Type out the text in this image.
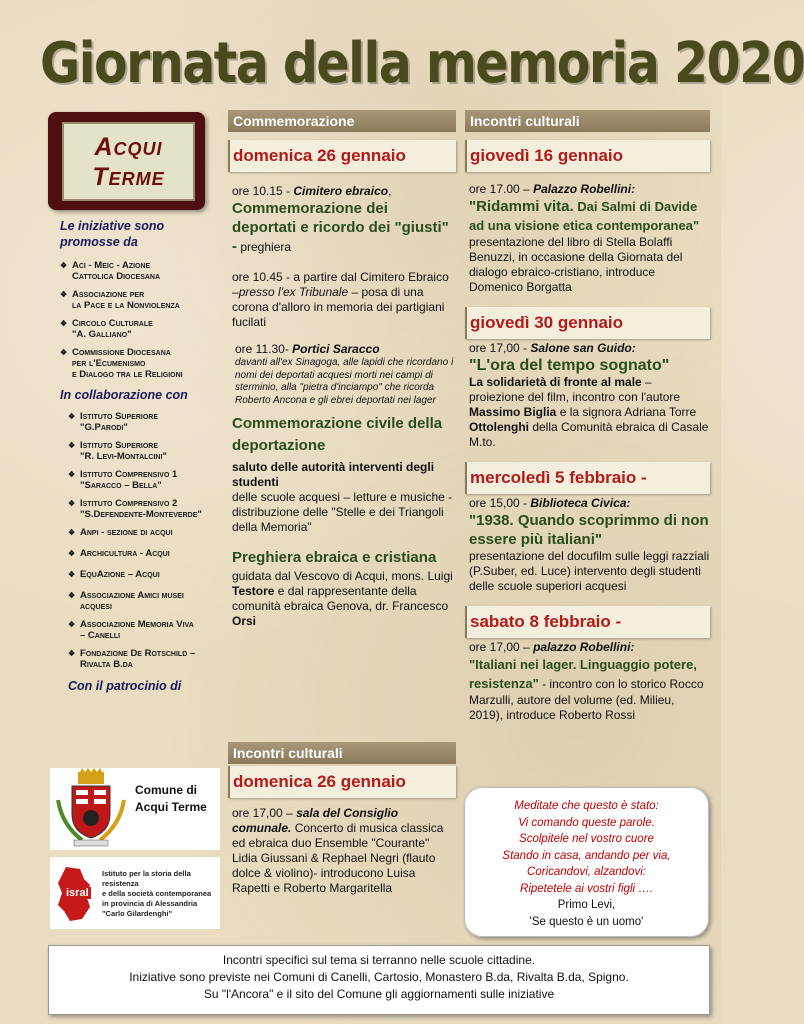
Giornata della memoria 2020
Acqui
Terme
Le iniziative sono promosse da
❖ Aci - Meic - Azione
Cattolica Diocesana
❖ Associazione per
la Pace e la Nonviolenza
❖ Circolo Culturale
"A. Galliano"
❖ Commissione Diocesana
per l'Ecumenismo
e Dialogo tra le Religioni
In collaborazione con
❖ Istituto Superiore
"G.Parodi"
❖ Istituto Superiore
"R. Levi-Montalcini"
❖ Istituto Comprensivo 1
"Saracco – Bella"
❖ Istituto Comprensivo 2
"S.Defendente-Monteverde"
❖ Anpi - sezione di acqui
❖ Archicultura - Acqui
❖ EquAzione – Acqui
❖ Associazione Amici musei
acquesi
❖ Associazione Memoria Viva
– Canelli
❖ Fondazione De Rotschild –
Rivalta B.da
Con il patrocinio di
Comune di
Acqui Terme
isral
Istituto per la storia della resistenza
e della società contemporanea
in provincia di Alessandria
"Carlo Gilardenghi"
Commemorazione
domenica 26 gennaio
ore 10.15 - Cimitero ebraico,
Commemorazione dei deportati e ricordo dei "giusti" - preghiera
ore 10.45 - a partire dal Cimitero Ebraico –presso l'ex Tribunale – posa di una corona d'alloro in memoria dei partigiani fucilati
ore 11.30- Portici Saracco
davanti all'ex Sinagoga, alle lapidi che ricordano i nomi dei deportati acquesi morti nei campi di sterminio, alla "pietra d'inciampo" che ricorda Roberto Ancona e gli ebrei deportati nei lager
Commemorazione civile della deportazione
saluto delle autorità interventi degli studenti
delle scuole acquesi – letture e musiche - distribuzione delle "Stelle e dei Triangoli della Memoria"
Preghiera ebraica e cristiana
guidata dal Vescovo di Acqui, mons. Luigi Testore e dal rappresentante della comunità ebraica Genova, dr. Francesco Orsi
Incontri culturali
domenica 26 gennaio
ore 17,00 – sala del Consiglio comunale. Concerto di musica classica ed ebraica duo Ensemble "Courante" Lidia Giussani & Rephael Negri (flauto dolce & violino)- introducono Luisa Rapetti e Roberto Margaritella
Incontri culturali
giovedì 16 gennaio
ore 17.00 – Palazzo Robellini:
"Ridammi vita. Dai Salmi di Davide ad una visione etica contemporanea" presentazione del libro di Stella Bolaffi Benuzzi, in occasione della Giornata del dialogo ebraico-cristiano, introduce Domenico Borgatta
giovedì 30 gennaio
ore 17,00 - Salone san Guido:
"L'ora del tempo sognato"
La solidarietà di fronte al male – proiezione del film, incontro con l'autore Massimo Biglia e la signora Adriana Torre Ottolenghi della Comunità ebraica di Casale M.to.
mercoledì 5 febbraio -
ore 15,00 - Biblioteca Civica:
"1938. Quando scoprimmo di non essere più italiani"
presentazione del docufilm sulle leggi razziali (P.Suber, ed. Luce) intervento degli studenti delle scuole superiori acquesi
sabato 8 febbraio -
ore 17,00 – palazzo Robellini:
"Italiani nei lager. Linguaggio potere, resistenza" - incontro con lo storico Rocco Marzulli, autore del volume (ed. Milieu, 2019), introduce Roberto Rossi

Meditate che questo è stato:

Vi comando queste parole.

Scolpitele nel vostro cuore

Stando in casa, andando per via,

Coricandovi, alzandovi:

Ripetetele ai vostri figli ….

Primo Levi,

'Se questo è un uomo'

Incontri specifici sul tema si terranno nelle scuole cittadine.

Iniziative sono previste nei Comuni di Canelli, Cartosio, Monastero B.da, Rivalta B.da, Spigno.

Su "l'Ancora" e il sito del Comune gli aggiornamenti sulle iniziative
